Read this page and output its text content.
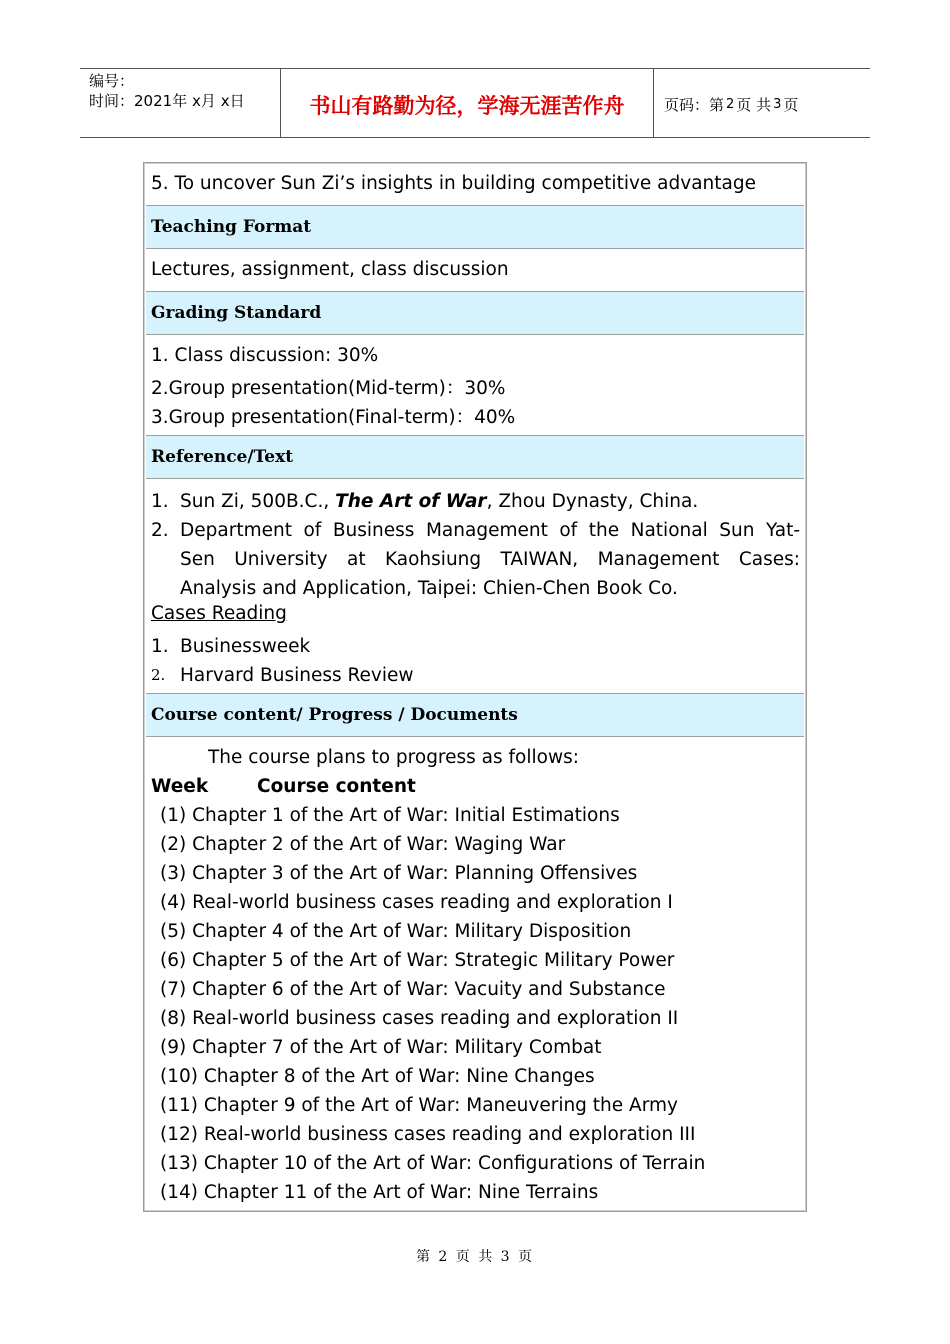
编号：
时间：2021年 x月 x日	书山有路勤为径，学海无涯苦作舟	页码：第 2 页 共 3 页
5. To uncover Sun Zi’s insights in building competitive advantage
Teaching Format
Lectures, assignment, class discussion
Grading Standard
1. Class discussion: 30%
2.Group presentation(Mid-term)：30%
3.Group presentation(Final-term)：40%
Reference/Text
1. Sun Zi, 500B.C., The Art of War, Zhou Dynasty, China.
2. Department of Business Management of the National Sun Yat-
Sen University at Kaohsiung TAIWAN, Management Cases:
Analysis and Application, Taipei: Chien-Chen Book Co.
Cases Reading
1. Businessweek
2. Harvard Business Review
Course content/ Progress / Documents
The course plans to progress as follows:
Week	Course content
(1) Chapter 1 of the Art of War: Initial Estimations
(2) Chapter 2 of the Art of War: Waging War
(3) Chapter 3 of the Art of War: Planning Offensives
(4) Real-world business cases reading and exploration I
(5) Chapter 4 of the Art of War: Military Disposition
(6) Chapter 5 of the Art of War: Strategic Military Power
(7) Chapter 6 of the Art of War: Vacuity and Substance
(8) Real-world business cases reading and exploration II
(9) Chapter 7 of the Art of War: Military Combat
(10) Chapter 8 of the Art of War: Nine Changes
(11) Chapter 9 of the Art of War: Maneuvering the Army
(12) Real-world business cases reading and exploration III
(13) Chapter 10 of the Art of War: Configurations of Terrain
(14) Chapter 11 of the Art of War: Nine Terrains
第 2 页 共 3 页
